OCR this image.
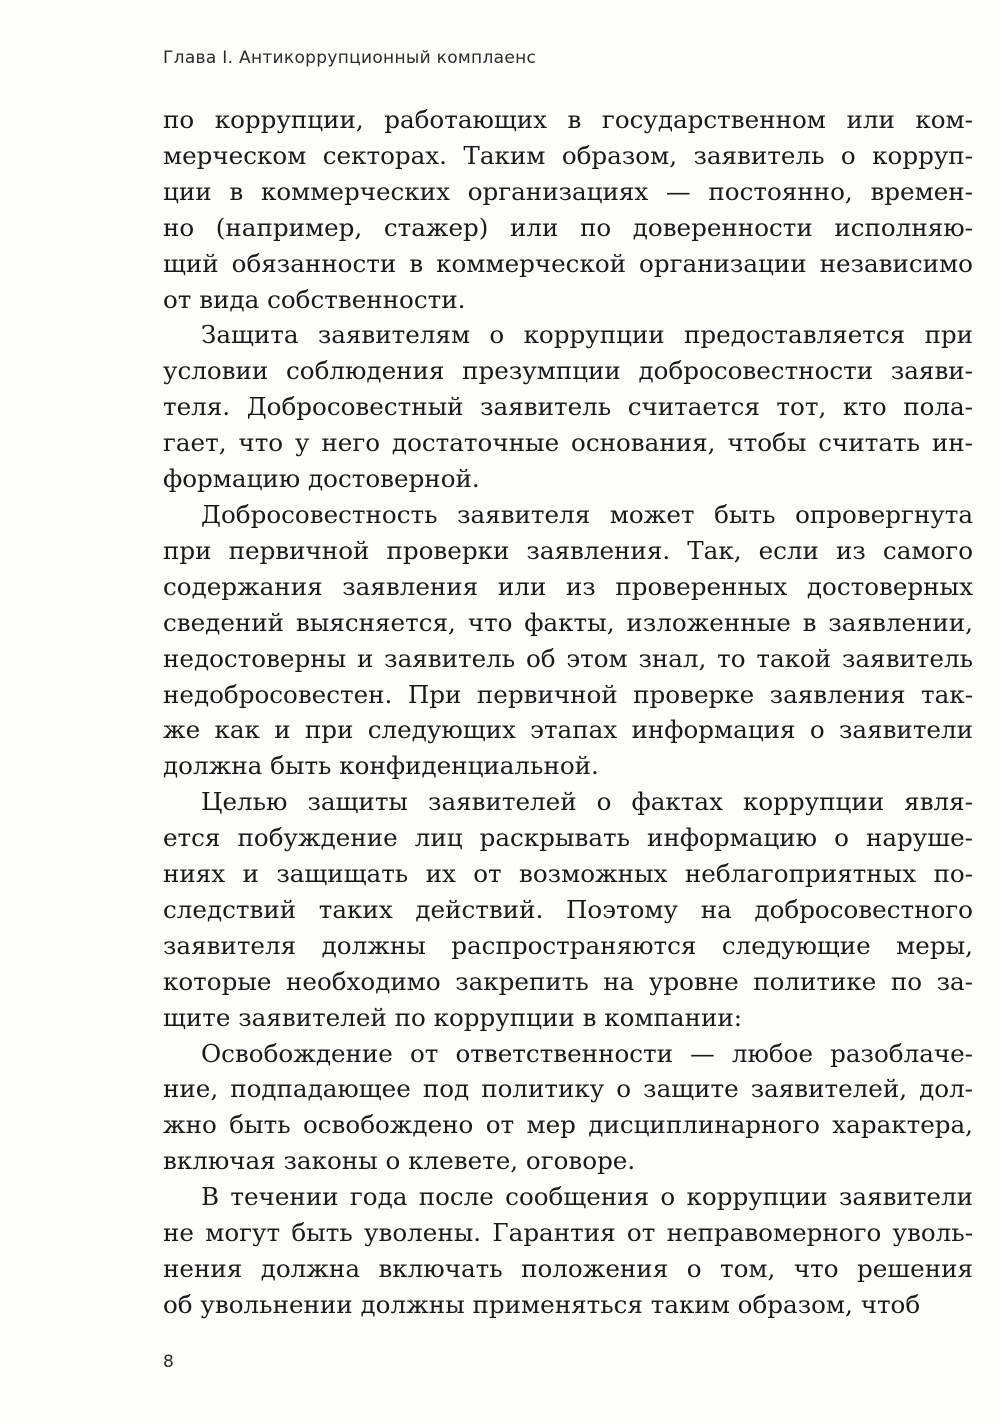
Глава I. Антикоррупционный комплаенс
по коррупции, работающих в государственном или ком-
мерческом секторах. Таким образом, заявитель о корруп-
ции в коммерческих организациях — постоянно, времен-
но (например, стажер) или по доверенности исполняю-
щий обязанности в коммерческой организации независимо
от вида собственности.
Защита заявителям о коррупции предоставляется при
условии соблюдения презумпции добросовестности заяви-
теля. Добросовестный заявитель считается тот, кто пола-
гает, что у него достаточные основания, чтобы считать ин-
формацию достоверной.
Добросовестность заявителя может быть опровергнута
при первичной проверки заявления. Так, если из самого
содержания заявления или из проверенных достоверных
сведений выясняется, что факты, изложенные в заявлении,
недостоверны и заявитель об этом знал, то такой заявитель
недобросовестен. При первичной проверке заявления так-
же как и при следующих этапах информация о заявители
должна быть конфиденциальной.
Целью защиты заявителей о фактах коррупции явля-
ется побуждение лиц раскрывать информацию о наруше-
ниях и защищать их от возможных неблагоприятных по-
следствий таких действий. Поэтому на добросовестного
заявителя должны распространяются следующие меры,
которые необходимо закрепить на уровне политике по за-
щите заявителей по коррупции в компании:
Освобождение от ответственности — любое разоблаче-
ние, подпадающее под политику о защите заявителей, дол-
жно быть освобождено от мер дисциплинарного характера,
включая законы о клевете, оговоре.
В течении года после сообщения о коррупции заявители
не могут быть уволены. Гарантия от неправомерного уволь-
нения должна включать положения о том, что решения
об увольнении должны применяться таким образом, чтоб
8
